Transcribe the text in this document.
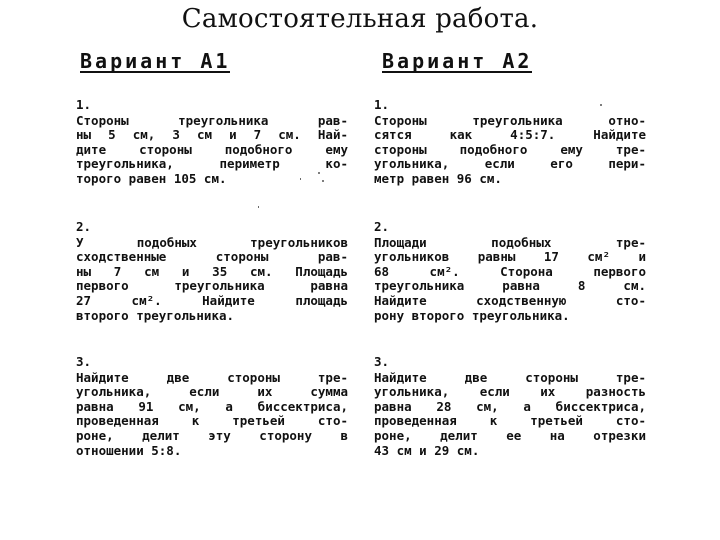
Самостоятельная работа.
Вариант А1	Вариант А2
1.
Стороны треугольника рав-
ны 5 см, 3 см и 7 см. Най-
дите стороны подобного ему
треугольника, периметр ко-
торого равен 105 см.
2.
У подобных треугольников
сходственные стороны рав-
ны 7 см и 35 см. Площадь
первого треугольника равна
27 см². Найдите площадь
второго треугольника.
3.
Найдите две стороны тре-
угольника, если их сумма
равна 91 см, а биссектриса,
проведенная к третьей сто-
роне, делит эту сторону в
отношении 5:8.
1.
Стороны треугольника отно-
сятся как 4:5:7. Найдите
стороны подобного ему тре-
угольника, если его пери-
метр равен 96 см.
2.
Площади подобных тре-
угольников равны 17 см² и
68 см². Сторона первого
треугольника равна 8 см.
Найдите сходственную сто-
рону второго треугольника.
3.
Найдите две стороны тре-
угольника, если их разность
равна 28 см, а биссектриса,
проведенная к третьей сто-
роне, делит ее на отрезки
43 см и 29 см.
